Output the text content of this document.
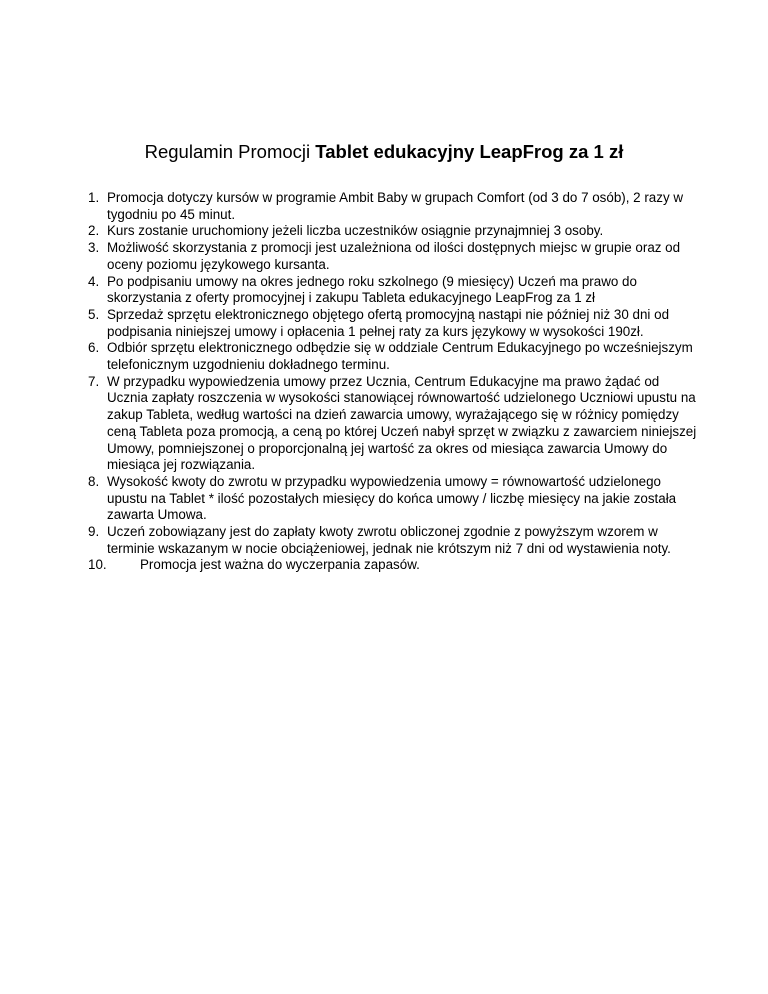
Regulamin Promocji Tablet edukacyjny LeapFrog za 1 zł
1. Promocja dotyczy kursów w programie Ambit Baby w grupach Comfort (od 3 do 7 osób), 2 razy w tygodniu po 45 minut.
2. Kurs zostanie uruchomiony jeżeli liczba uczestników osiągnie przynajmniej 3 osoby.
3. Możliwość skorzystania z promocji jest uzależniona od ilości dostępnych miejsc w grupie oraz od oceny poziomu językowego kursanta.
4. Po podpisaniu umowy na okres jednego roku szkolnego (9 miesięcy) Uczeń ma prawo do skorzystania z oferty promocyjnej i zakupu Tableta edukacyjnego LeapFrog za 1 zł
5. Sprzedaż sprzętu elektronicznego objętego ofertą promocyjną nastąpi nie później niż 30 dni od podpisania niniejszej umowy i opłacenia 1 pełnej raty za kurs językowy w wysokości 190zł.
6. Odbiór sprzętu elektronicznego odbędzie się w oddziale Centrum Edukacyjnego po wcześniejszym telefonicznym uzgodnieniu dokładnego terminu.
7. W przypadku wypowiedzenia umowy przez Ucznia, Centrum Edukacyjne ma prawo żądać od Ucznia zapłaty roszczenia w wysokości stanowiącej równowartość udzielonego Uczniowi upustu na zakup Tableta, według wartości na dzień zawarcia umowy, wyrażającego się w różnicy pomiędzy ceną Tableta poza promocją, a ceną po której Uczeń nabył sprzęt w związku z zawarciem niniejszej Umowy, pomniejszonej o proporcjonalną jej wartość za okres od miesiąca zawarcia Umowy do miesiąca jej rozwiązania.
8. Wysokość kwoty do zwrotu w przypadku wypowiedzenia umowy = równowartość udzielonego upustu na Tablet * ilość pozostałych miesięcy do końca umowy / liczbę miesięcy na jakie została zawarta Umowa.
9. Uczeń zobowiązany jest do zapłaty kwoty zwrotu obliczonej zgodnie z powyższym wzorem w terminie wskazanym w nocie obciążeniowej, jednak nie krótszym niż 7 dni od wystawienia noty.
10. Promocja jest ważna do wyczerpania zapasów.
